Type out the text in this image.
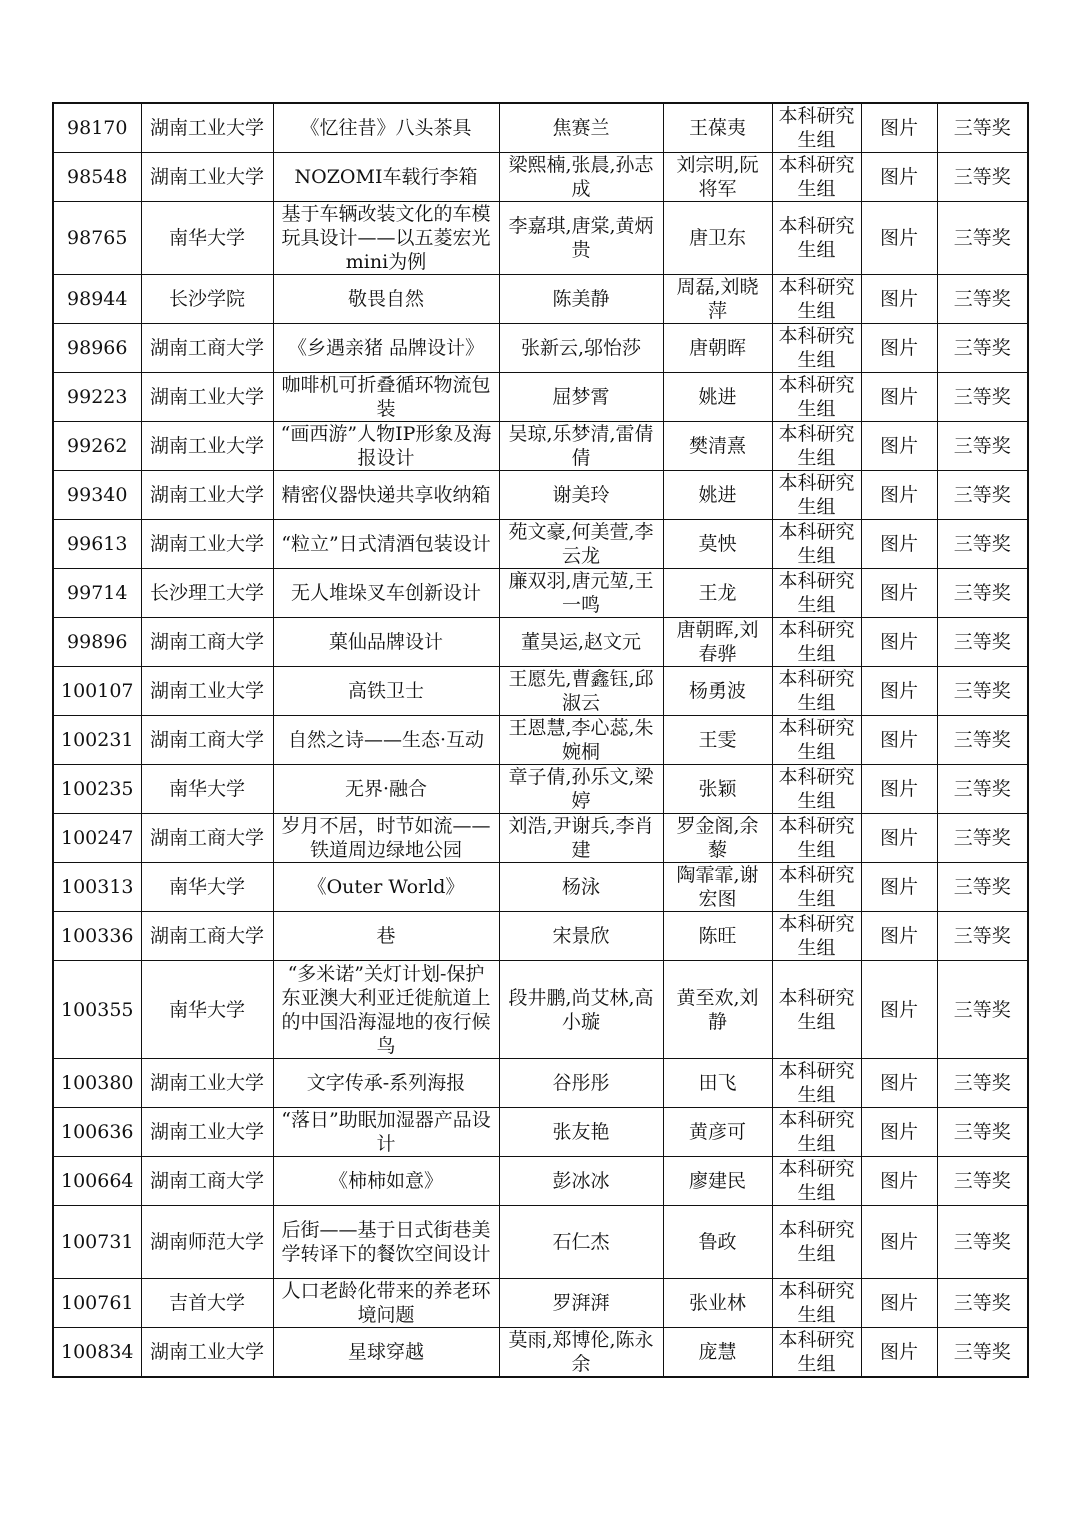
98170	湖南工业大学	《忆往昔》八头茶具	焦赛兰	王葆夷	本科研究生组	图片	三等奖
98548	湖南工业大学	NOZOMI车载行李箱	梁熙楠,张晨,孙志成	刘宗明,阮将军	本科研究生组	图片	三等奖
98765	南华大学	基于车辆改装文化的车模玩具设计——以五菱宏光mini为例	李嘉琪,唐棠,黄炳贵	唐卫东	本科研究生组	图片	三等奖
98944	长沙学院	敬畏自然	陈美静	周磊,刘晓萍	本科研究生组	图片	三等奖
98966	湖南工商大学	《乡遇亲猪 品牌设计》	张新云,邬怡莎	唐朝晖	本科研究生组	图片	三等奖
99223	湖南工业大学	咖啡机可折叠循环物流包装	屈梦霄	姚进	本科研究生组	图片	三等奖
99262	湖南工业大学	“画西游”人物IP形象及海报设计	吴琼,乐梦清,雷倩倩	樊清熹	本科研究生组	图片	三等奖
99340	湖南工业大学	精密仪器快递共享收纳箱	谢美玲	姚进	本科研究生组	图片	三等奖
99613	湖南工业大学	“粒立”日式清酒包装设计	苑文豪,何美萱,李云龙	莫怏	本科研究生组	图片	三等奖
99714	长沙理工大学	无人堆垛叉车创新设计	廉双羽,唐元堃,王一鸣	王龙	本科研究生组	图片	三等奖
99896	湖南工商大学	菓仙品牌设计	董昊运,赵文元	唐朝晖,刘春骅	本科研究生组	图片	三等奖
100107	湖南工业大学	高铁卫士	王愿先,曹鑫钰,邱淑云	杨勇波	本科研究生组	图片	三等奖
100231	湖南工商大学	自然之诗——生态·互动	王恩慧,李心蕊,朱婉桐	王雯	本科研究生组	图片	三等奖
100235	南华大学	无界·融合	章子倩,孙乐文,梁婷	张颖	本科研究生组	图片	三等奖
100247	湖南工商大学	岁月不居，时节如流——铁道周边绿地公园	刘浩,尹谢兵,李肖建	罗金阁,余藜	本科研究生组	图片	三等奖
100313	南华大学	《Outer World》	杨泳	陶霏霏,谢宏图	本科研究生组	图片	三等奖
100336	湖南工商大学	巷	宋景欣	陈旺	本科研究生组	图片	三等奖
100355	南华大学	“多米诺”关灯计划-保护东亚澳大利亚迁徙航道上的中国沿海湿地的夜行候鸟	段井鹏,尚艾林,高小璇	黄至欢,刘静	本科研究生组	图片	三等奖
100380	湖南工业大学	文字传承-系列海报	谷彤彤	田飞	本科研究生组	图片	三等奖
100636	湖南工业大学	“落日”助眠加湿器产品设计	张友艳	黄彦可	本科研究生组	图片	三等奖
100664	湖南工商大学	《柿柿如意》	彭冰冰	廖建民	本科研究生组	图片	三等奖
100731	湖南师范大学	后街——基于日式街巷美学转译下的餐饮空间设计	石仁杰	鲁政	本科研究生组	图片	三等奖
100761	吉首大学	人口老龄化带来的养老环境问题	罗湃湃	张业林	本科研究生组	图片	三等奖
100834	湖南工业大学	星球穿越	莫雨,郑博伦,陈永余	庞慧	本科研究生组	图片	三等奖
